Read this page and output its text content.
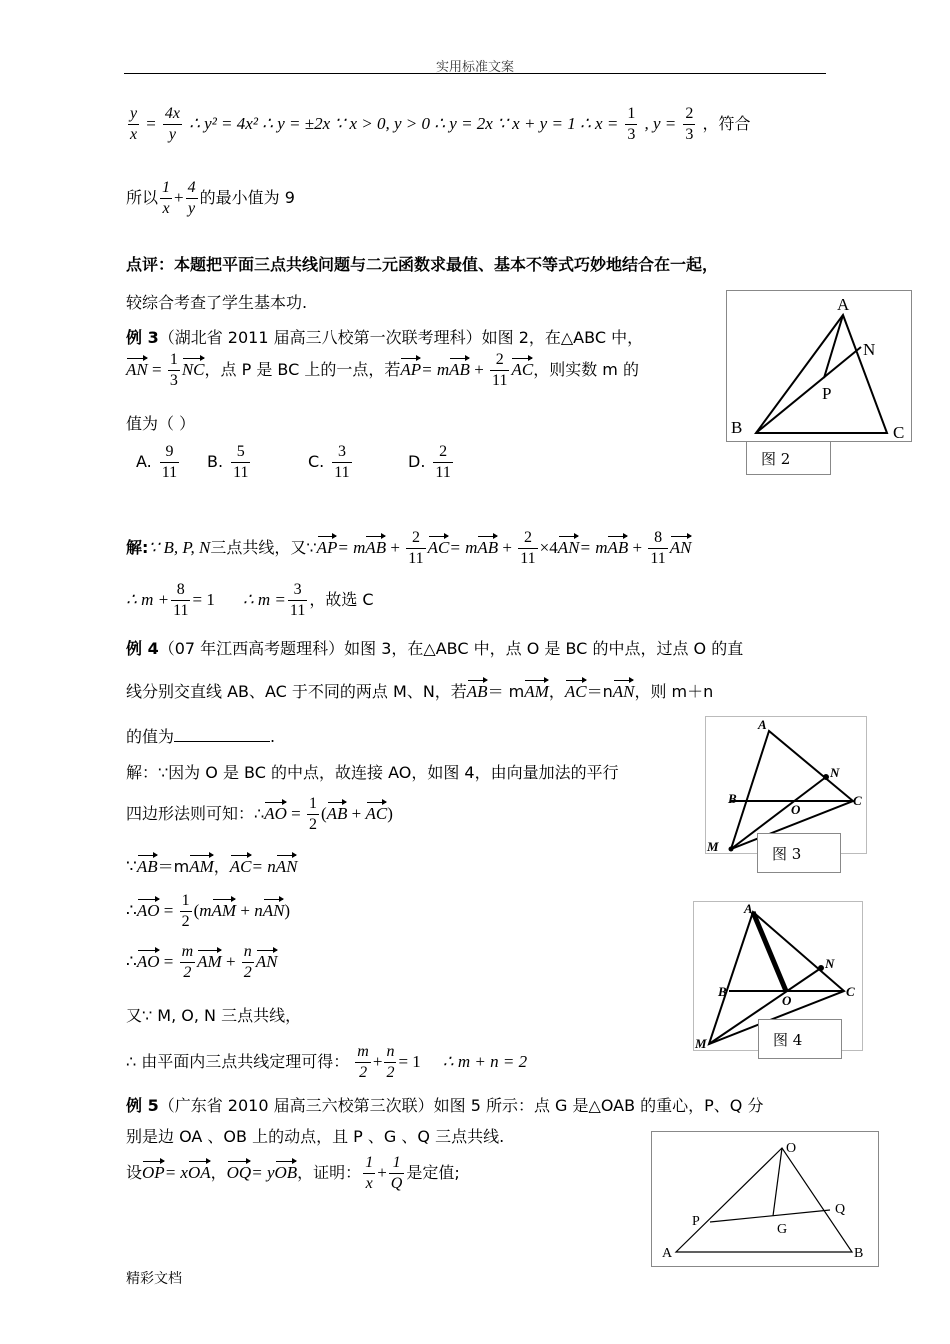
实用标准文案
$\frac{y}{x} = \frac{4x}{y}$ ∴ y² = 4x² ∴ y = ±2x ∵ x > 0, y > 0 ∴ y = 2x ∵ x + y = 1 ∴ $x = \frac{1}{3}$ , $y = \frac{2}{3}$ ，符合
所以 $\frac{1}{x} + \frac{4}{y}$ 的最小值为 9
点评：本题把平面三点共线问题与二元函数求最值、基本不等式巧妙地结合在一起，
较综合考查了学生基本功.
例 3（湖北省 2011 届高三八校第一次联考理科）如图 2，在△ABC 中，
AN = $\frac{1}{3}$ NC，点 P 是 BC 上的一点，若AP= mAB + $\frac{2}{11}$ AC，则实数 m 的
值为（ ）
A. $\frac{9}{11} B$. $\frac{5}{11}$	C. $\frac{3}{11}$	D. $\frac{2}{11}$
A
N
P
B	C
图 2
解:∵ B, P, N三点共线，又∵AP= mAB + $\frac{2}{11} AC=$ mAB + $\frac{2}{11} \times 4AN=$ mAB + $\frac{8}{11}$ AN
∴ $m + \frac{8}{11} = 1$ ∴ $m = \frac{3}{11}$ ，故选 C
例 4（07 年江西高考题理科）如图 3，在△ABC 中，点 O 是 BC 的中点，过点 O 的直
线分别交直线 AB、AC 于不同的两点 M、N，若AB＝ mAM，AC＝nAN，则 m＋n
的值为	.
A
N
B
O
C
M	图 3
解：∵因为 O 是 BC 的中点，故连接 AO，如图 4，由向量加法的平行
四边形法则可知：∴AO = $\frac{1}{2} (AB + AC)$
∵AB＝mAM，AC= nAN
∴AO = $\frac{1}{2} (mAM + nAN)$
∴AO = $\frac{m}{2}$ AM + $\frac{n}{2}$ AN
又∵ M, O, N 三点共线，
∴ 由平面内三点共线定理可得： $\frac{m}{2} + \frac{n}{2} = 1$ ∴ m + n = 2
A
N
B
O
C
M	图 4
例 5（广东省 2010 届高三六校第三次联）如图 5 所示：点 G 是△OAB 的重心，P、Q 分
别是边 OA 、OB 上的动点，且 P 、G 、Q 三点共线.
设OP= xOA，OQ= yOB，证明： $\frac{1}{x} + \frac{1}{Q}$ 是定值;
O
P
Q
G
A	B
精彩文档
